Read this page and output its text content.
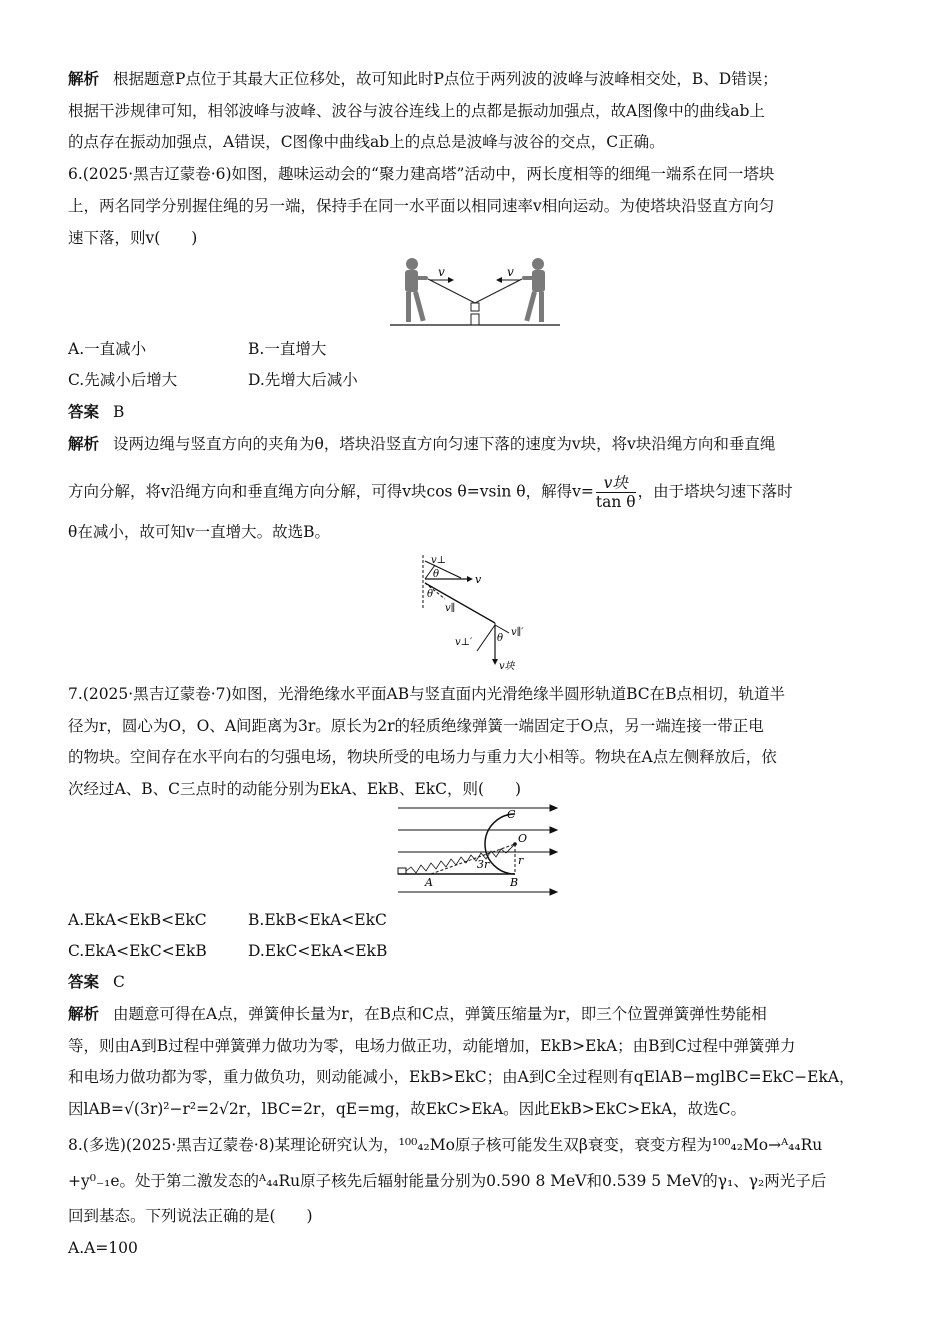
解析 根据题意P点位于其最大正位移处，故可知此时P点位于两列波的波峰与波峰相交处，B、D错误；
根据干涉规律可知，相邻波峰与波峰、波谷与波谷连线上的点都是振动加强点，故A图像中的曲线ab上
的点存在振动加强点，A错误，C图像中曲线ab上的点总是波峰与波谷的交点，C正确。
6.(2025·黑吉辽蒙卷·6)如图，趣味运动会的“聚力建高塔”活动中，两长度相等的细绳一端系在同一塔块
上，两名同学分别握住绳的另一端，保持手在同一水平面以相同速率v相向运动。为使塔块沿竖直方向匀
速下落，则v(　　)
v	v
A.一直减小	B.一直增大
C.先减小后增大	D.先增大后减小
答案 B
解析 设两边绳与竖直方向的夹角为θ，塔块沿竖直方向匀速下落的速度为v块，将v块沿绳方向和垂直绳
方向分解，将v沿绳方向和垂直绳方向分解，可得v块cos θ=vsin θ，解得$v= \frac{\text{v块}}{\text{tan θ}}$ ，由于塔块匀速下落时
θ在减小，故可知v一直增大。故选B。
v⊥
θ	v
θ
v∥
v⊥′ θ
v∥′
v块
7.(2025·黑吉辽蒙卷·7)如图，光滑绝缘水平面AB与竖直面内光滑绝缘半圆形轨道BC在B点相切，轨道半
径为r，圆心为O，O、A间距离为3r。原长为2r的轻质绝缘弹簧一端固定于O点，另一端连接一带正电
的物块。空间存在水平向右的匀强电场，物块所受的电场力与重力大小相等。物块在A点左侧释放后，依
次经过A、B、C三点时的动能分别为EkA、EkB、EkC，则(　　)
C
O
r
3r
A	B
A.EkA<EkB<EkC	B.EkB<EkA<EkC
C.EkA<EkC<EkB	D.EkC<EkA<EkB
答案 C
解析 由题意可得在A点，弹簧伸长量为r，在B点和C点，弹簧压缩量为r，即三个位置弹簧弹性势能相
等，则由A到B过程中弹簧弹力做功为零，电场力做正功，动能增加，EkB>EkA；由B到C过程中弹簧弹力
和电场力做功都为零，重力做负功，则动能减小，EkB>EkC；由A到C全过程则有qElAB−mglBC=EkC−EkA，
因lAB=√(3r)²−r²=2√2r，lBC=2r，qE=mg，故EkC>EkA。因此EkB>EkC>EkA，故选C。
8.(多选)(2025·黑吉辽蒙卷·8)某理论研究认为，¹⁰⁰₄₂Mo原子核可能发生双β衰变，衰变方程为¹⁰⁰₄₂Mo→ᴬ₄₄Ru
+y⁰₋₁e。处于第二激发态的ᴬ₄₄Ru原子核先后辐射能量分别为0.590 8 MeV和0.539 5 MeV的γ₁、γ₂两光子后
回到基态。下列说法正确的是(　　)
A.A=100
